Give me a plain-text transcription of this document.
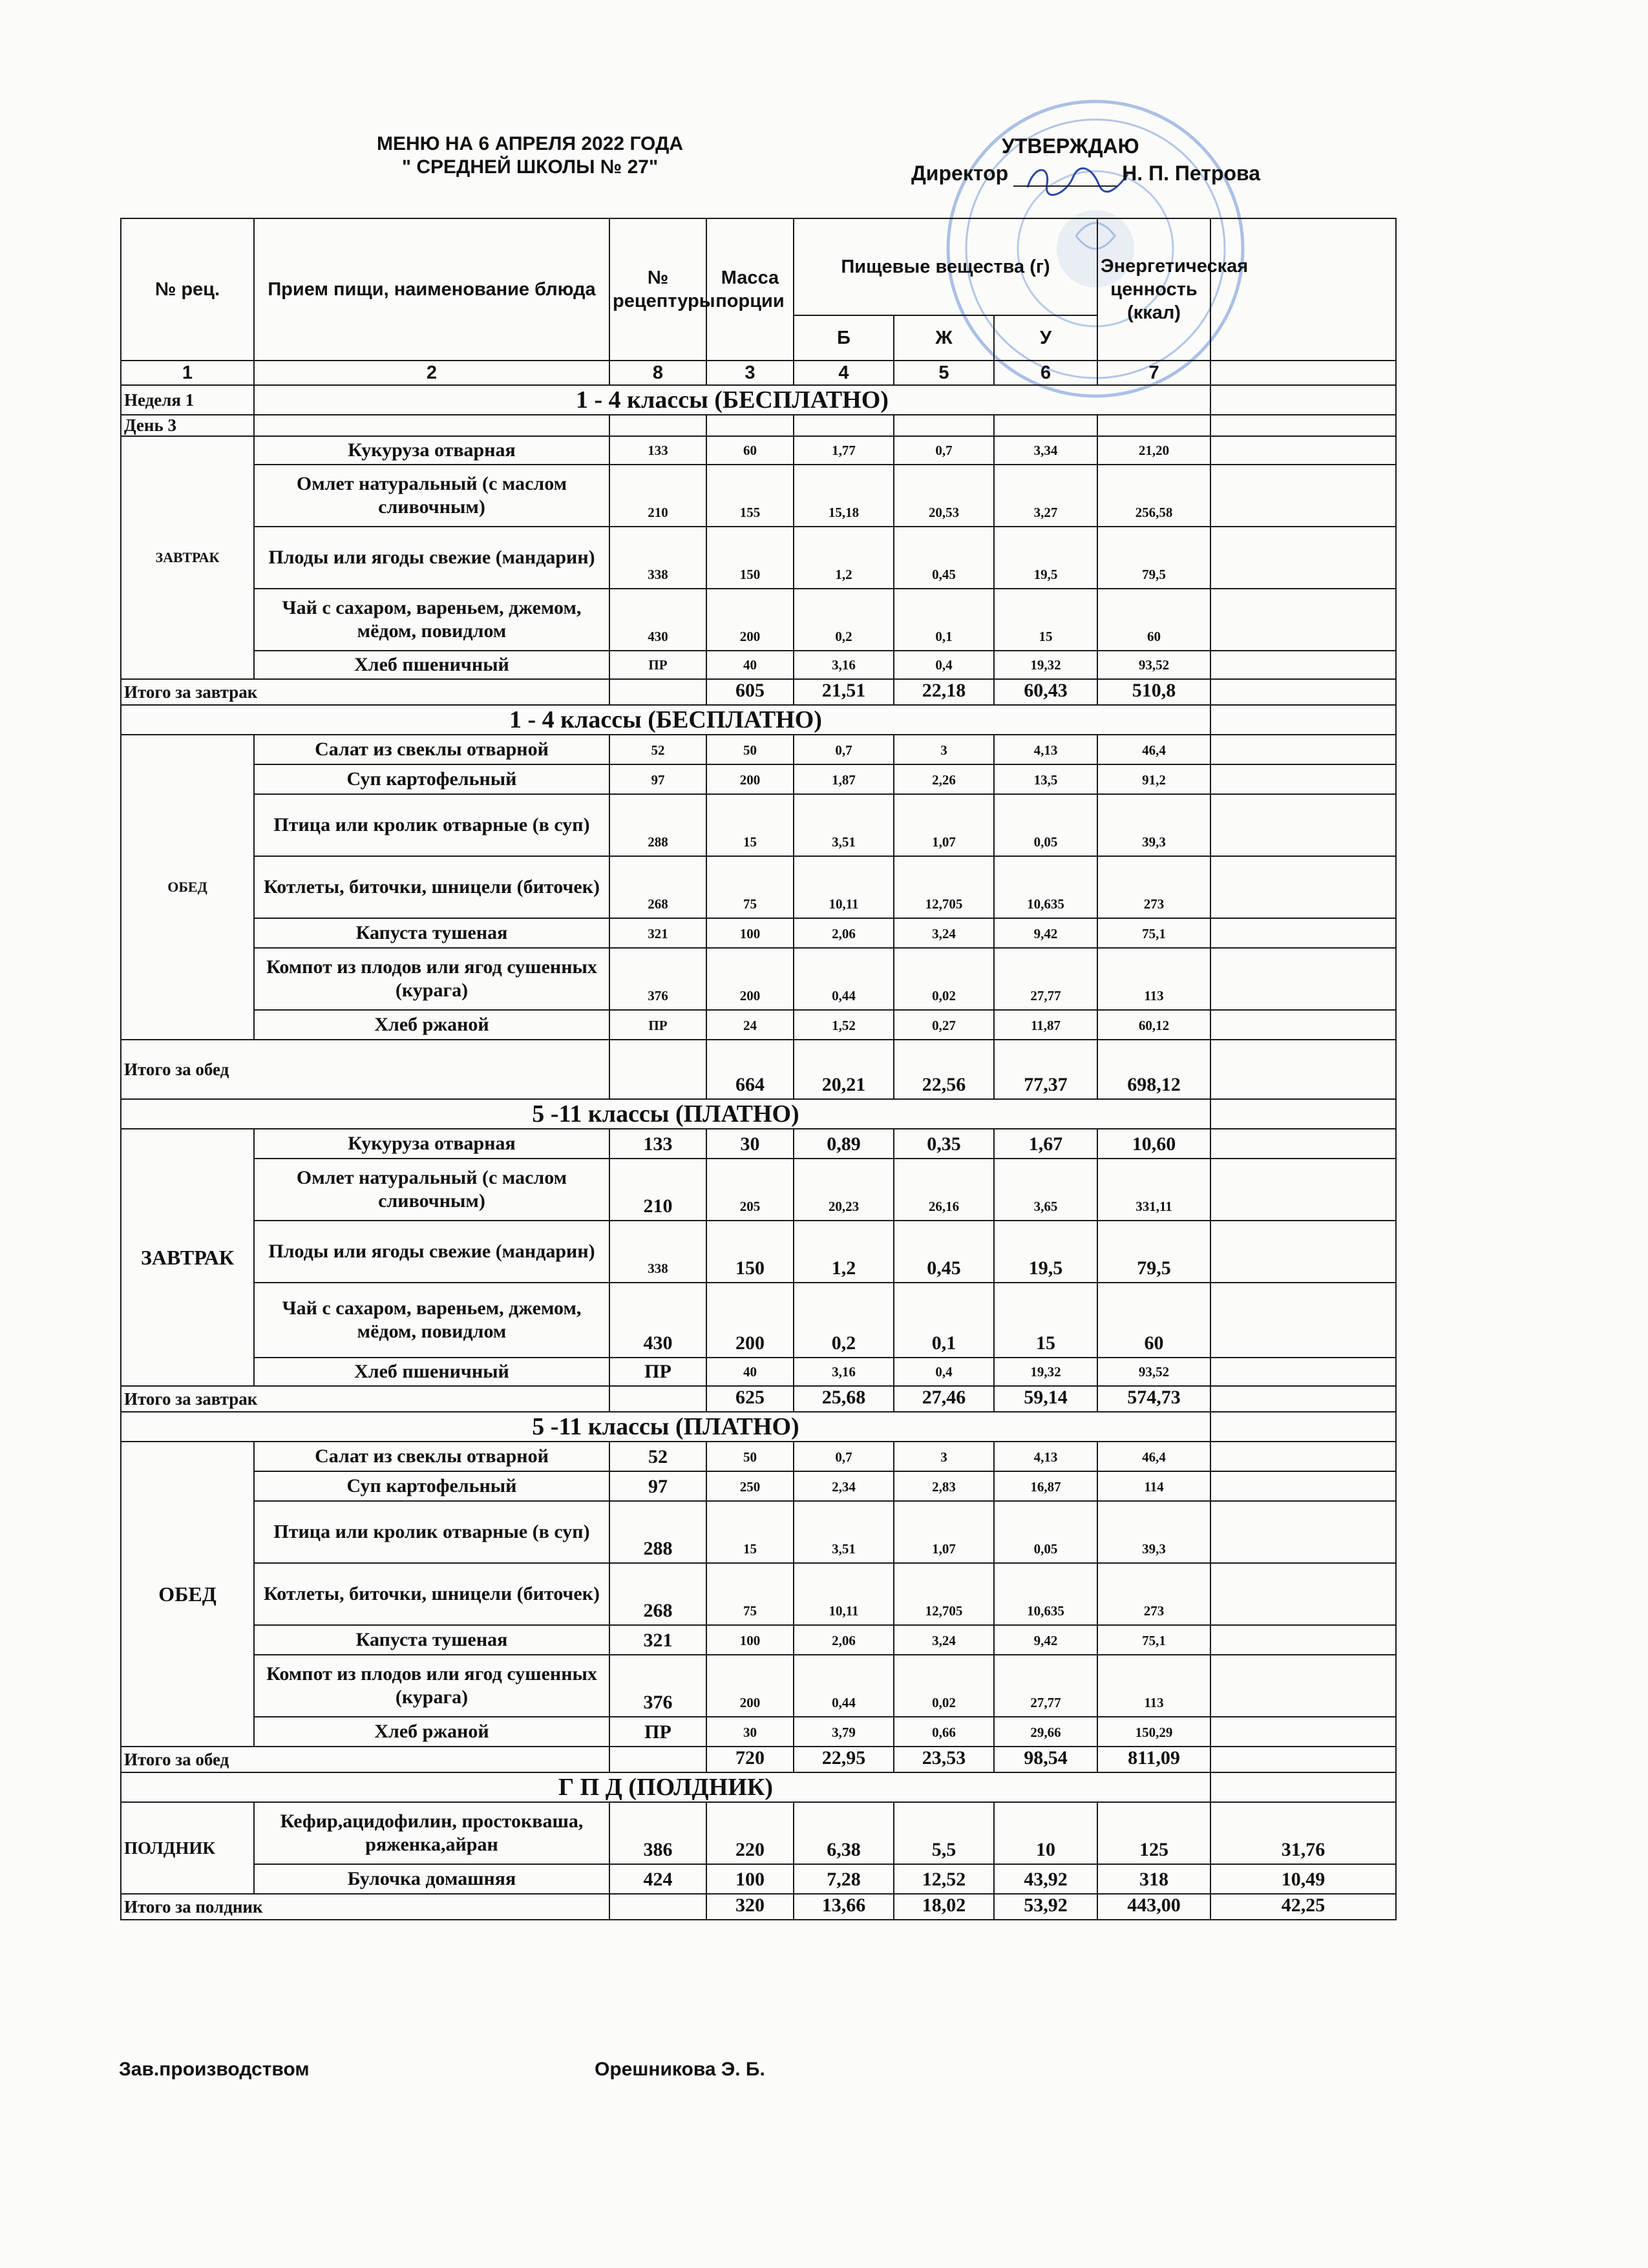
МЕНЮ НА 6 АПРЕЛЯ 2022 ГОДА
" СРЕДНЕЙ ШКОЛЫ № 27"
УТВЕРЖДАЮ
Директор	Н. П. Петрова
№ рец.	Прием пищи, наименование блюда	№ рецептуры	Масса порции	Пищевые вещества (г)			Энергетическая ценность (ккал)	
				Б	Ж	У		
1	2	8	3	4	5	6	7	
Неделя 1	1 - 4 классы (БЕСПЛАТНО)							
День 3								
ЗАВТРАК	Кукуруза отварная	133	60	1,77	0,7	3,34	21,20	
	Омлет натуральный (с маслом сливочным)	210	155	15,18	20,53	3,27	256,58	
	Плоды или ягоды свежие (мандарин)	338	150	1,2	0,45	19,5	79,5	
	Чай с сахаром, вареньем, джемом, мёдом, повидлом	430	200	0,2	0,1	15	60	
	Хлеб пшеничный	ПР	40	3,16	0,4	19,32	93,52	
Итого за завтрак			605	21,51	22,18	60,43	510,8	
1 - 4 классы (БЕСПЛАТНО)								
ОБЕД	Салат из свеклы отварной	52	50	0,7	3	4,13	46,4	
	Суп картофельный	97	200	1,87	2,26	13,5	91,2	
	Птица или кролик отварные (в суп)	288	15	3,51	1,07	0,05	39,3	
	Котлеты, биточки, шницели (биточек)	268	75	10,11	12,705	10,635	273	
	Капуста тушеная	321	100	2,06	3,24	9,42	75,1	
	Компот из плодов или ягод сушенных (курага)	376	200	0,44	0,02	27,77	113	
	Хлеб ржаной	ПР	24	1,52	0,27	11,87	60,12	
Итого за обед			664	20,21	22,56	77,37	698,12	
5 -11 классы (ПЛАТНО)								
ЗАВТРАК	Кукуруза отварная	133	30	0,89	0,35	1,67	10,60	
	Омлет натуральный (с маслом сливочным)	210	205	20,23	26,16	3,65	331,11	
	Плоды или ягоды свежие (мандарин)	338	150	1,2	0,45	19,5	79,5	
	Чай с сахаром, вареньем, джемом, мёдом, повидлом	430	200	0,2	0,1	15	60	
	Хлеб пшеничный	ПР	40	3,16	0,4	19,32	93,52	
Итого за завтрак			625	25,68	27,46	59,14	574,73	
5 -11 классы (ПЛАТНО)								
ОБЕД	Салат из свеклы отварной	52	50	0,7	3	4,13	46,4	
	Суп картофельный	97	250	2,34	2,83	16,87	114	
	Птица или кролик отварные (в суп)	288	15	3,51	1,07	0,05	39,3	
	Котлеты, биточки, шницели (биточек)	268	75	10,11	12,705	10,635	273	
	Капуста тушеная	321	100	2,06	3,24	9,42	75,1	
	Компот из плодов или ягод сушенных (курага)	376	200	0,44	0,02	27,77	113	
	Хлеб ржаной	ПР	30	3,79	0,66	29,66	150,29	
Итого за обед			720	22,95	23,53	98,54	811,09	
Г П Д (ПОЛДНИК)								
ПОЛДНИК	Кефир,ацидофилин, простокваша, ряженка,айран	386	220	6,38	5,5	10	125	31,76
	Булочка домашняя	424	100	7,28	12,52	43,92	318	10,49
Итого за полдник			320	13,66	18,02	53,92	443,00	42,25
Зав.производством	Орешникова Э. Б.
